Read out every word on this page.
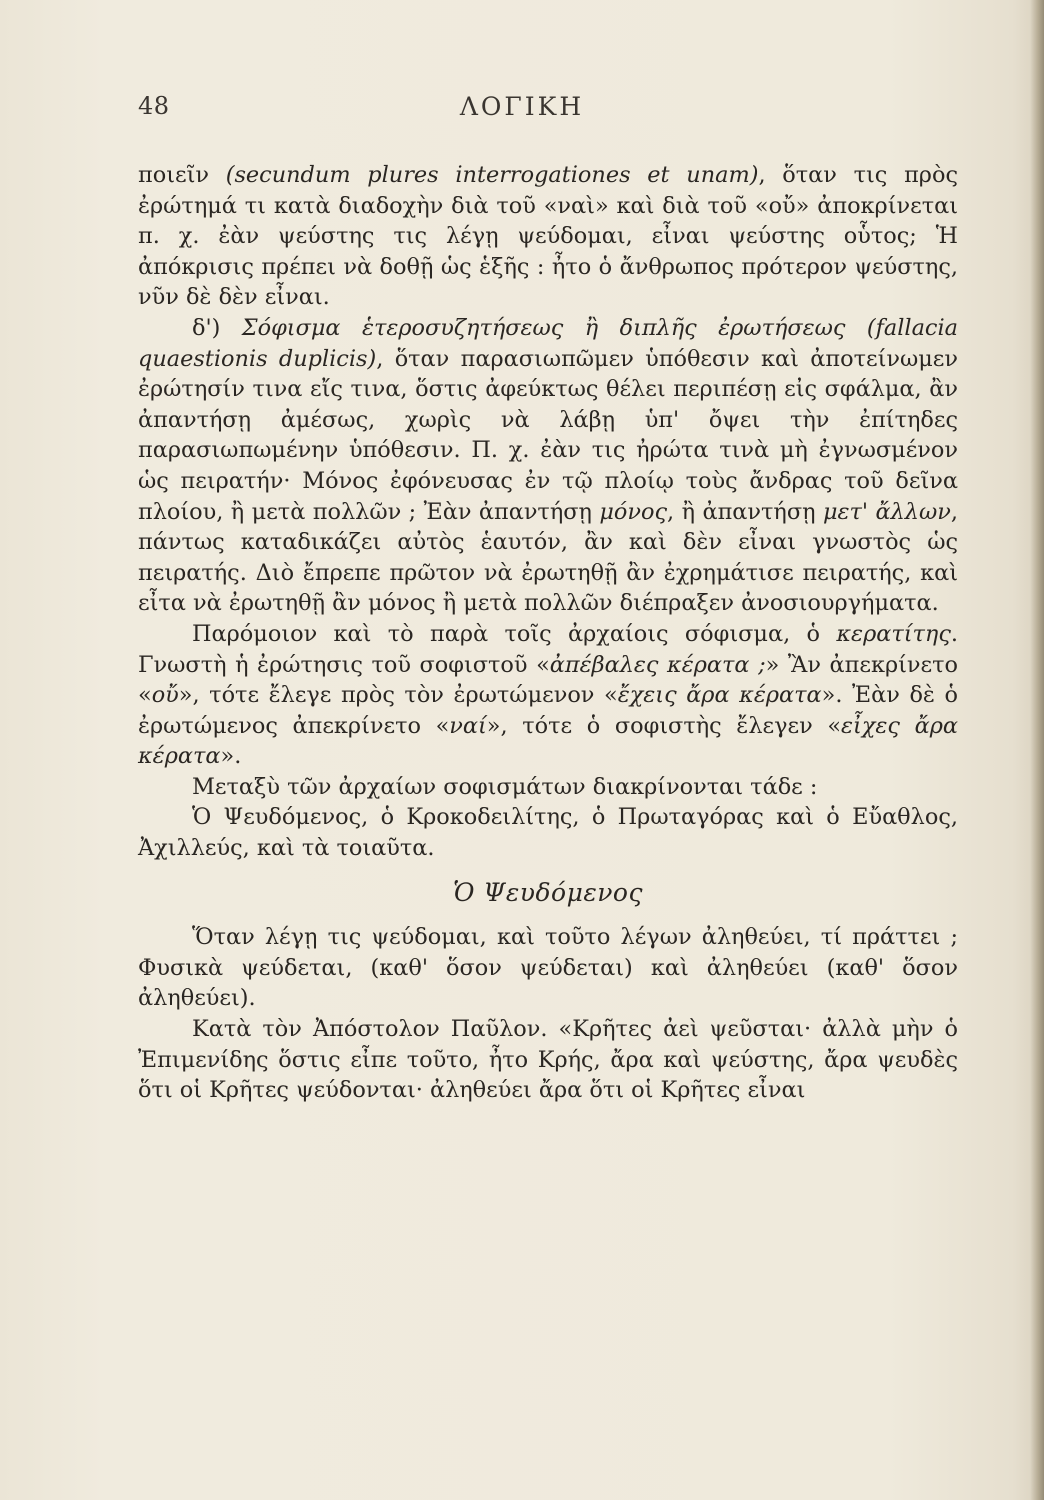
48	ΛΟΓΙΚΗ

ποιεῖν (secundum plures interrogationes et unam), ὅταν τις πρὸς ἐρώτημά τι κατὰ διαδοχὴν διὰ τοῦ «ναὶ» καὶ διὰ τοῦ «οὔ» ἀποκρίνεται π. χ. ἐὰν ψεύστης τις λέγῃ ψεύδομαι, εἶναι ψεύστης οὗτος; Ἡ ἀπόκρισις πρέπει νὰ δοθῇ ὡς ἑξῆς : ἦτο ὁ ἄνθρωπος πρότερον ψεύστης, νῦν δὲ δὲν εἶναι.

δ') Σόφισμα ἑτεροσυζητήσεως ἢ διπλῆς ἐρωτήσεως (fallacia quaestionis duplicis), ὅταν παρασιωπῶμεν ὑπόθεσιν καὶ ἀποτείνωμεν ἐρώτησίν τινα εἴς τινα, ὅστις ἀφεύκτως θέλει περιπέσῃ εἰς σφάλμα, ἂν ἀπαντήσῃ ἀμέσως, χωρὶς νὰ λάβῃ ὑπ' ὄψει τὴν ἐπίτηδες παρασιωπωμένην ὑπόθεσιν. Π. χ. ἐὰν τις ἠρώτα τινὰ μὴ ἐγνωσμένον ὡς πειρατήν· Μόνος ἐφόνευσας ἐν τῷ πλοίῳ τοὺς ἄνδρας τοῦ δεῖνα πλοίου, ἢ μετὰ πολλῶν ; Ἐὰν ἀπαντήσῃ μόνος, ἢ ἀπαντήσῃ μετ' ἄλλων, πάντως καταδικάζει αὐτὸς ἑαυτόν, ἂν καὶ δὲν εἶναι γνωστὸς ὡς πειρατής. Διὸ ἔπρεπε πρῶτον νὰ ἐρωτηθῇ ἂν ἐχρημάτισε πειρατής, καὶ εἶτα νὰ ἐρωτηθῇ ἂν μόνος ἢ μετὰ πολλῶν διέπραξεν ἀνοσιουργήματα.

Παρόμοιον καὶ τὸ παρὰ τοῖς ἀρχαίοις σόφισμα, ὁ κερατίτης. Γνωστὴ ἡ ἐρώτησις τοῦ σοφιστοῦ «ἀπέβαλες κέρατα ;» Ἂν ἀπεκρίνετο «οὔ», τότε ἔλεγε πρὸς τὸν ἐρωτώμενον «ἔχεις ἄρα κέρατα». Ἐὰν δὲ ὁ ἐρωτώμενος ἀπεκρίνετο «ναί», τότε ὁ σοφιστὴς ἔλεγεν «εἶχες ἄρα κέρατα».

Μεταξὺ τῶν ἀρχαίων σοφισμάτων διακρίνονται τάδε :

Ὁ Ψευδόμενος, ὁ Κροκοδειλίτης, ὁ Πρωταγόρας καὶ ὁ Εὔαθλος, Ἀχιλλεύς, καὶ τὰ τοιαῦτα.

Ὁ Ψευδόμενος

Ὅταν λέγῃ τις ψεύδομαι, καὶ τοῦτο λέγων ἀληθεύει, τί πράττει ; Φυσικὰ ψεύδεται, (καθ' ὅσον ψεύδεται) καὶ ἀληθεύει (καθ' ὅσον ἀληθεύει).

Κατὰ τὸν Ἀπόστολον Παῦλον. «Κρῆτες ἀεὶ ψεῦσται· ἀλλὰ μὴν ὁ Ἐπιμενίδης ὅστις εἶπε τοῦτο, ἦτο Κρής, ἄρα καὶ ψεύστης, ἄρα ψευδὲς ὅτι οἱ Κρῆτες ψεύδονται· ἀληθεύει ἄρα ὅτι οἱ Κρῆτες εἶναι
